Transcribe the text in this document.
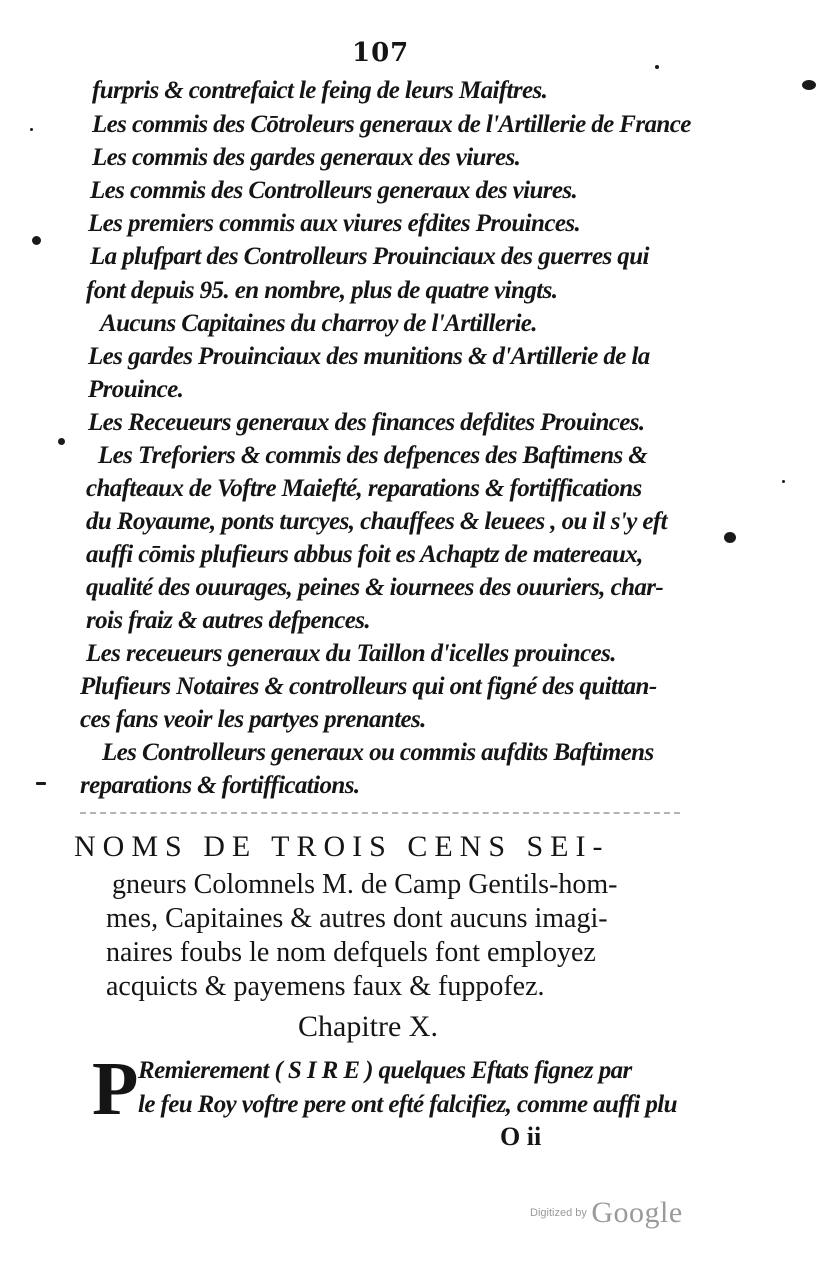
107
furpris & contrefaict le feing de leurs Maiftres.
Les commis des Cōtroleurs generaux de l'Artillerie de France
Les commis des gardes generaux des viures.
Les commis des Controlleurs generaux des viures.
Les premiers commis aux viures efdites Prouinces.
La plufpart des Controlleurs Prouinciaux des guerres qui
font depuis 95. en nombre, plus de quatre vingts.
Aucuns Capitaines du charroy de l'Artillerie.
Les gardes Prouinciaux des munitions & d'Artillerie de la
Prouince.
Les Receueurs generaux des finances defdites Prouinces.
Les Treforiers & commis des defpences des Baftimens &
chafteaux de Voftre Maiefté, reparations & fortiffications
du Royaume, ponts turcyes, chauffees & leuees , ou il s'y eft
auffi cōmis plufieurs abbus foit es Achaptz de matereaux,
qualité des ouurages, peines & iournees des ouuriers, char-
rois fraiz & autres defpences.
Les receueurs generaux du Taillon d'icelles prouinces.
Plufieurs Notaires & controlleurs qui ont figné des quittan-
ces fans veoir les partyes prenantes.
Les Controlleurs generaux ou commis aufdits Baftimens
reparations & fortiffications.
NOMS DE TROIS CENS SEI-
gneurs Colomnels M. de Camp Gentils-hom-
mes, Capitaines & autres dont aucuns imagi-
naires foubs le nom defquels font employez
acquicts & payemens faux & fuppofez.
Chapitre X.
P Remierement ( S I R E ) quelques Eftats fignez par
le feu Roy voftre pere ont efté falcifiez, comme auffi plu
O ii
Digitized by Google
